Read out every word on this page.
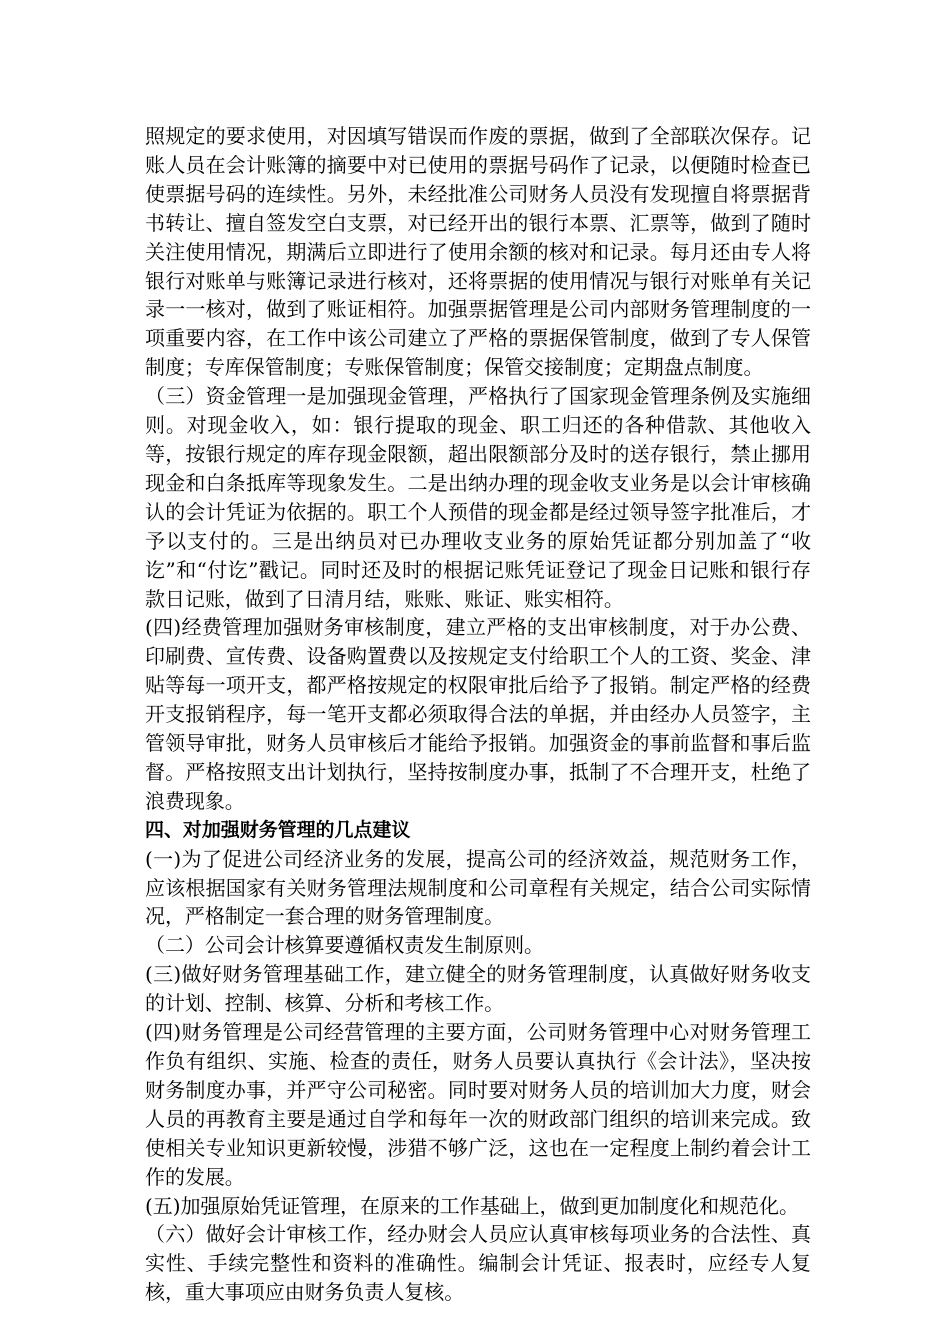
照规定的要求使用，对因填写错误而作废的票据，做到了全部联次保存。记账人员在会计账簿的摘要中对已使用的票据号码作了记录，以便随时检查已使票据号码的连续性。另外，未经批准公司财务人员没有发现擅自将票据背书转让、擅自签发空白支票，对已经开出的银行本票、汇票等，做到了随时关注使用情况，期满后立即进行了使用余额的核对和记录。每月还由专人将银行对账单与账簿记录进行核对，还将票据的使用情况与银行对账单有关记录一一核对，做到了账证相符。加强票据管理是公司内部财务管理制度的一项重要内容，在工作中该公司建立了严格的票据保管制度，做到了专人保管制度；专库保管制度；专账保管制度；保管交接制度；定期盘点制度。

（三）资金管理一是加强现金管理，严格执行了国家现金管理条例及实施细则。对现金收入，如：银行提取的现金、职工归还的各种借款、其他收入等，按银行规定的库存现金限额，超出限额部分及时的送存银行，禁止挪用现金和白条抵库等现象发生。二是出纳办理的现金收支业务是以会计审核确认的会计凭证为依据的。职工个人预借的现金都是经过领导签字批准后，才予以支付的。三是出纳员对已办理收支业务的原始凭证都分别加盖了“收讫”和“付讫”戳记。同时还及时的根据记账凭证登记了现金日记账和银行存款日记账，做到了日清月结，账账、账证、账实相符。

(四)经费管理加强财务审核制度，建立严格的支出审核制度，对于办公费、印刷费、宣传费、设备购置费以及按规定支付给职工个人的工资、奖金、津贴等每一项开支，都严格按规定的权限审批后给予了报销。制定严格的经费开支报销程序，每一笔开支都必须取得合法的单据，并由经办人员签字，主管领导审批，财务人员审核后才能给予报销。加强资金的事前监督和事后监督。严格按照支出计划执行，坚持按制度办事，抵制了不合理开支，杜绝了浪费现象。

四、对加强财务管理的几点建议

(一)为了促进公司经济业务的发展，提高公司的经济效益，规范财务工作，应该根据国家有关财务管理法规制度和公司章程有关规定，结合公司实际情况，严格制定一套合理的财务管理制度。

（二）公司会计核算要遵循权责发生制原则。

(三)做好财务管理基础工作，建立健全的财务管理制度，认真做好财务收支的计划、控制、核算、分析和考核工作。

(四)财务管理是公司经营管理的主要方面，公司财务管理中心对财务管理工作负有组织、实施、检查的责任，财务人员要认真执行《会计法》，坚决按财务制度办事，并严守公司秘密。同时要对财务人员的培训加大力度，财会人员的再教育主要是通过自学和每年一次的财政部门组织的培训来完成。致使相关专业知识更新较慢，涉猎不够广泛，这也在一定程度上制约着会计工作的发展。

(五)加强原始凭证管理，在原来的工作基础上，做到更加制度化和规范化。

（六）做好会计审核工作，经办财会人员应认真审核每项业务的合法性、真实性、手续完整性和资料的准确性。编制会计凭证、报表时，应经专人复核，重大事项应由财务负责人复核。
